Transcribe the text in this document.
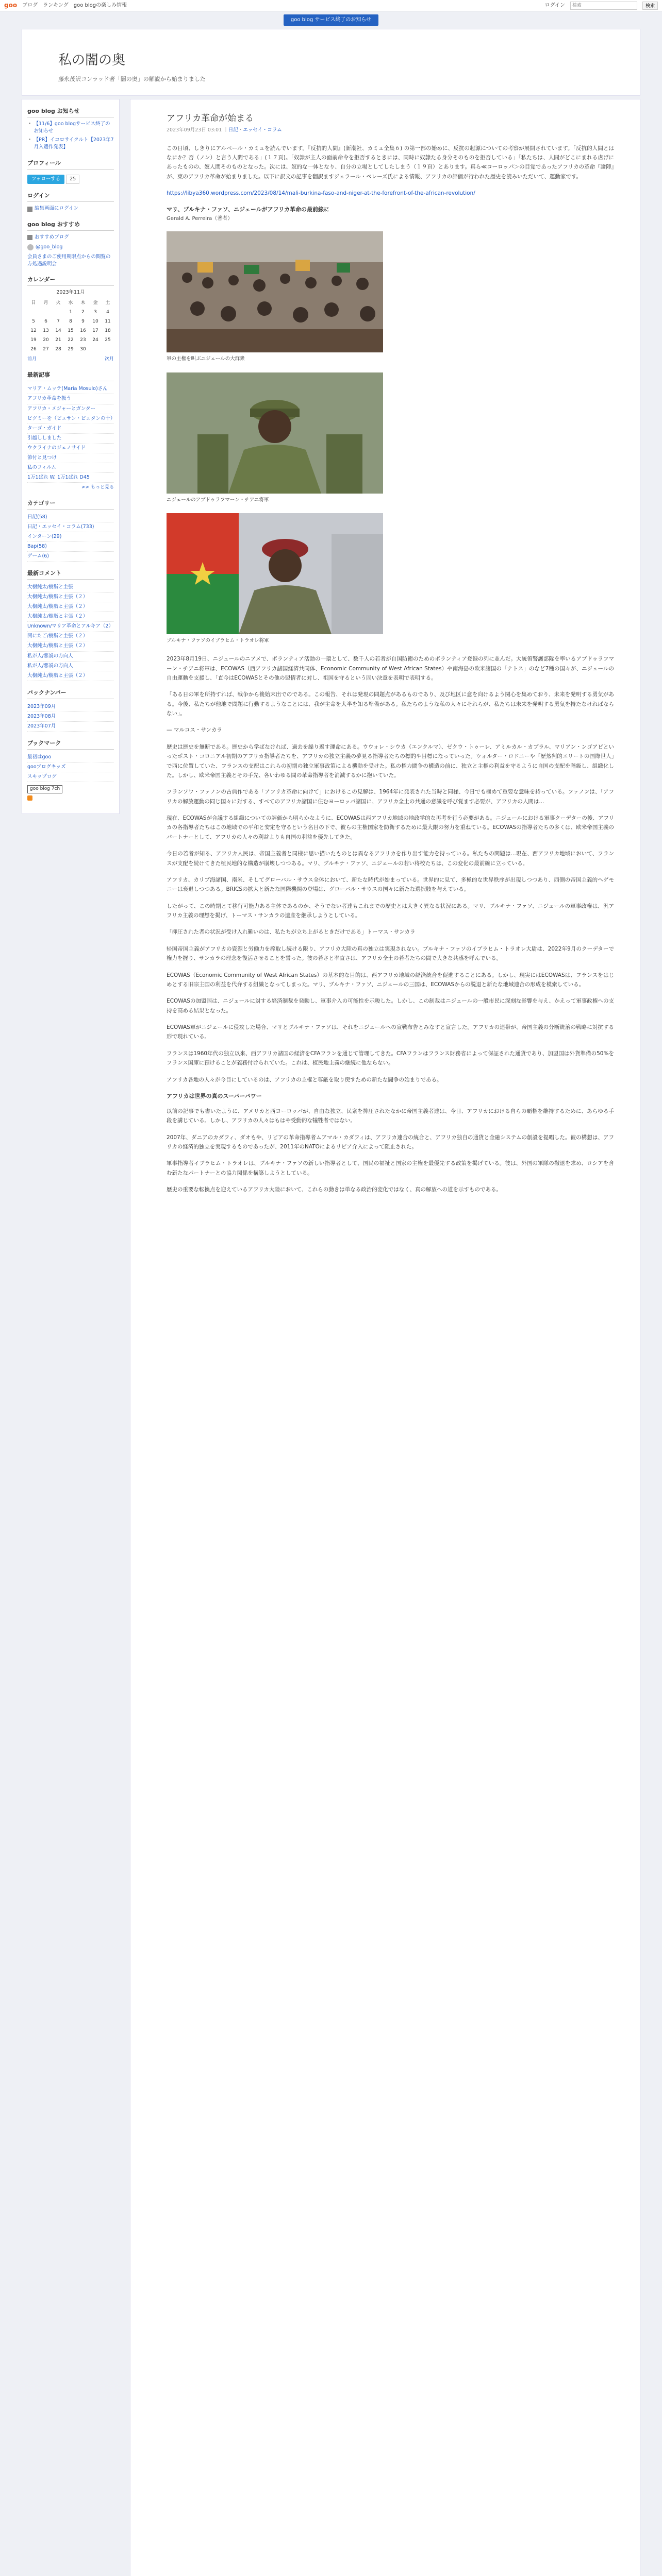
goo ブログ ランキング goo blogの楽しみ情報	ログイン
検索	検索
goo blog サービス終了のお知らせ
私の闇の奥
藤永茂訳コンラッド著「闇の奥」の解説から始まりました
goo blog お知らせ
・ 【11/6】goo blogサービス終了のお知らせ
・ 【PR】イコロサイクルト【2023年7月入選作発表】
プロフィール
フォローする 25
ログイン
編集画面にログイン
goo blog おすすめ
おすすめブログ
@goo_blog
会員さまのご使用期限点からの閲覧の方処遇説明会
カレンダー
2023年11月
日	月	火	水	木	金	土
			1	2	3	4
5	6	7	8	9	10	11
12	13	14	15	16	17	18
19	20	21	22	23	24	25
26	27	28	29	30		
前月	次月
最新記事
マリア・ムッテ(Maria Mosulo)さん
アフリカ革命を扱う
アフリカ・メジャーとガンター
ピグミーを（ピュサン・ビュタンの十）
ターゴ・ガイド
引越ししました
ウクライナのジェノサイド
節付と見つけ
私のフィルム
1万1ばれ W. 1万1ばれ D45
>> もっと見る
カテゴリー
日記(58)
日記・エッセイ・コラム(733)
インターン(29)
Bap(58)
ゲーム(6)
最新コメント
大樹純太/樹脂と主張
大樹純太/樹脂と主張（２）
大樹純太/樹脂と主張（２）
大樹純太/樹脂と主張（２）
Unknown/マリア革命とアルキア（2）
開にたご/樹脂と主張（２）
大樹純太/樹脂と主張（２）
私が人/悪説の方向人
私が人/悪説の方向人
大樹純太/樹脂と主張（２）
バックナンバー
2023年09月
2023年08月
2023年07月
ブックマーク
最初はgoo
gooブログキッズ
スキップログ
goo blog 7ch
アフリカ革命が始まる
2023年09月23日 03:01 ｜日記・エッセイ・コラム

この日頃、しきりにアルベール・カミュを読んでいます。『反抗的人間』(新潮社、カミュ全集６) の第一部の始めに、反抗の起源についての考察が展開されています。「反抗的人間とはなにか？否（ノン）と言う人間である」(１７頁)。「奴隷が主人の面前命令を拒否するときには、同時に奴隷たる身分そのものを拒否している」「私たちは、人間がどこにまれる虐げにあったものの、奴人間そのものとなった。次には、奴的な一体となり、自分の立場としてしたしまう（１９頁）とあります。真ら≪コーロッパ＞の目覚であったアフリカの革命『論陣』が、東のアフリカ革命が始まりました。以下に訳文の記事を翻訳ますジェラール・ペレーズ氏による情報、アフリカの評価が行われた歴史を読みいただいて、運動家です。

https://libya360.wordpress.com/2023/08/14/mali-burkina-faso-and-niger-at-the-forefront-of-the-african-revolution/

マリ、ブルキナ・ファソ、ニジェールがアフリカ革命の最前線に
Gerald A. Perreira（著者）
軍の主権を叫ぶニジェールの大群衆
ニジェールのアブドゥラフマーン・チアニ将軍
ブルキナ・ファソのイブラヒム・トラオレ将軍

2023年8月19日、ニジェールのニアメで、ボランティア活動の一環として、数千人の若者が自国防衛のためのボランティア登録の列に並んだ。大統領警護部隊を率いるアブドゥラフマーン・チアニ将軍は、ECOWAS（西アフリカ諸国経済共同体、Economic Community of West African States）や南海島の欧米諸国の「ナトス」のなど7種の国々が、ニジェールの自由運動を支援し、「直今はECOWASとその他の盟情者に対し、祖国を守るという固い決意を表明で表明する。

「ある日の軍を所持すれば、戦争から後始末出でのである。この報告、それは発現の問題点があるものであり、及び地区に意を向けるよう関心を集めており、未来を発明する勇気がある。今後、私たちが他地で問題に行動するようなことには、我が主命を大半を知る準備がある。私たちのような私の人々にそれらが、私たちは未来を発明する勇気を持たなければならない」。

— マルコス・サンカラ

歴史は歴史を無断である。歴史から学ばなければ、過去を繰り返す運命にある。ウウォレ・シウカ（エンクルマ）、ゼクウ・トゥーレ、アミルカル・カブラル、マリアン・ンゴアビといったポスト・コロニアル初期のアフリカ指導者たちを、アフリカの独立主義の夢見る指導者たちの標的や目標になっていった。ウォルター・ロドニーや「歴然判的エリートの国際世人」で西に位置していた、フランスの支配はこれらの初期の独立軍事政策による機動を受けた。私の権力闘争の構造の前に、独立と主権の利益を守るように自国の支配を階級し、組織化した。しかし、欧米帝国主義とその手先、各いわゆる間の革命指導者を消滅するかに抱いていた。

フランソワ・ファノンの古典作である「アフリカ革命に向けて」におけるこの見解は、1964年に発表された当時と同様、今日でも極めて重要な意味を持っている。ファノンは、「アフリカの解放運動の同じ国々に対する、すべてのアフリカ諸国に住むヨーロッパ諸国に、アフリカ全土の共通の意識を呼び覚ます必要が、アフリカの人間は...

現在、ECOWASが合議する組織についての評価から明らかなように、ECOWASは西アフリカ地域の地政学的な再考を行う必要がある。ニジェールにおける軍事クーデターの後、アフリカの各指導者たちはこの地域での平和と安定を守るという名目の下で、彼らの主権国家を防衛するために最大限の努力を重ねている。ECOWASの指導者たちの多くは、欧米帝国主義のパートナーとして、アフリカの人々の利益よりも自国の利益を優先してきた。

今日の若者が知る、アフリカ人民は、帝国主義者と同様に思い描いたものとは異なるアフリカを作り出す能力を持っている。私たちの問題は...現在、西アフリカ地域において、フランスが支配を続けてきた植民地的な構造が崩壊しつつある。マリ、ブルキナ・ファソ、ニジェールの若い将校たちは、この変化の最前線に立っている。

アフリカ、カリブ海諸国、南米、そしてグローバル・サウス全体において、新たな時代が始まっている。世界的に見て、多極的な世界秩序が出現しつつあり、西側の帝国主義的ヘゲモニーは衰退しつつある。BRICSの拡大と新たな国際機関の登場は、グローバル・サウスの国々に新たな選択肢を与えている。

したがって、この時期とて移行可能力ある主体であるのか、そうでない者達もこれまでの歴史とは大きく異なる状況にある。マリ、ブルキナ・ファソ、ニジェールの軍事政権は、汎アフリカ主義の理想を掲げ、トーマス・サンカラの遺産を継承しようとしている。

「抑圧された者の状況が受け入れ難いのは、私たちが立ち上がるときだけである」トーマス・サンカラ

帰国帝国主義がアフリカの資源と労働力を搾取し続ける限り、アフリカ大陸の真の独立は実現されない。ブルキナ・ファソのイブラヒム・トラオレ大尉は、2022年9月のクーデターで権力を握り、サンカラの理念を復活させることを誓った。彼の若さと率直さは、アフリカ全土の若者たちの間で大きな共感を呼んでいる。

ECOWAS（Economic Community of West African States）の基本的な目的は、西アフリカ地域の経済統合を促進することにある。しかし、現実にはECOWASは、フランスをはじめとする旧宗主国の利益を代弁する組織となってしまった。マリ、ブルキナ・ファソ、ニジェールの三国は、ECOWASからの脱退と新たな地域連合の形成を模索している。

ECOWASの加盟国は、ニジェールに対する経済制裁を発動し、軍事介入の可能性を示唆した。しかし、この制裁はニジェールの一般市民に深刻な影響を与え、かえって軍事政権への支持を高める結果となった。

ECOWAS軍がニジェールに侵攻した場合、マリとブルキナ・ファソは、それをニジェールへの宣戦布告とみなすと宣言した。アフリカの連帯が、帝国主義の分断統治の戦略に対抗する形で現れている。

フランスは1960年代の独立以来、西アフリカ諸国の経済をCFAフランを通じて管理してきた。CFAフランはフランス財務省によって保証された通貨であり、加盟国は外貨準備の50%をフランス国庫に預けることが義務付けられていた。これは、植民地主義の継続に他ならない。

アフリカ各地の人々が今目にしているのは、アフリカの主権と尊厳を取り戻すための新たな闘争の始まりである。

アフリカは世界の真のスーパーパワー

以前の記事でも書いたように、アメリカと西ヨーロッパが、自由な独立、民衆を抑圧されたなかに帝国主義者達は、今日、アフリカにおける自らの覇権を維持するために、あらゆる手段を講じている。しかし、アフリカの人々はもはや受動的な犠牲者ではない。

2007年、ダニアのカダフィ、ダオもや、リビアの革命指導者ムアマル・カダフィは、アフリカ連合の統合と、アフリカ独自の通貨と金融システムの創設を提唱した。彼の構想は、アフリカの経済的独立を実現するものであったが、2011年のNATOによるリビア介入によって阻止された。

軍事指導者イブラヒム・トラオレは、ブルキナ・ファソの新しい指導者として、国民の福祉と国家の主権を最優先する政策を掲げている。彼は、外国の軍隊の撤退を求め、ロシアを含む新たなパートナーとの協力関係を構築しようとしている。

歴史の重要な転換点を迎えているアフリカ大陸において、これらの動きは単なる政治的変化ではなく、真の解放への道を示すものである。
